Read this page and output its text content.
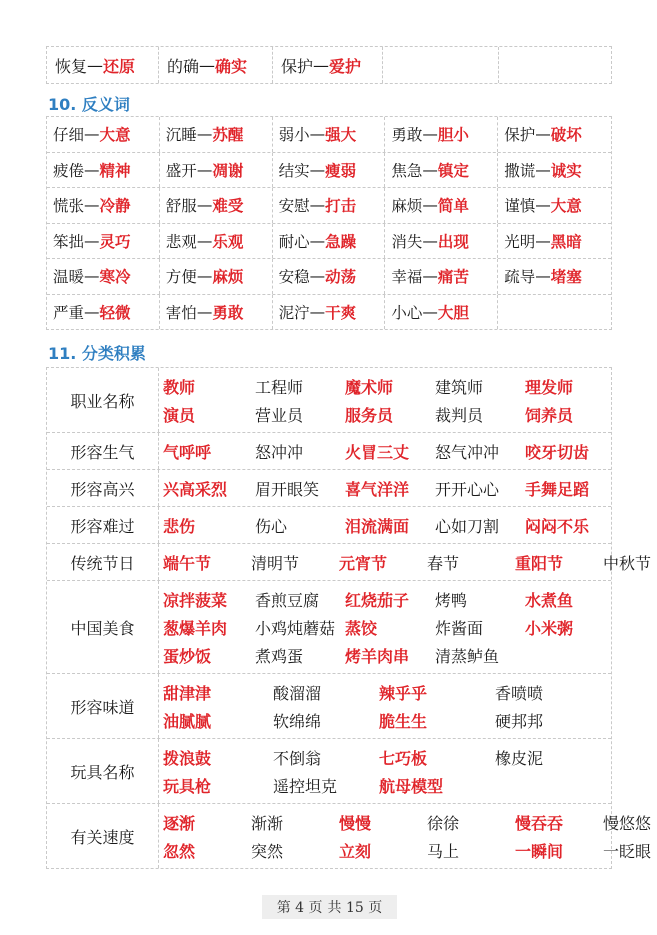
恢复 — 还原 的确 — 确实 保护 — 爱护
10. 反义词
仔细 — 大意 沉睡 — 苏醒 弱小 — 强大 勇敢 — 胆小 保护 — 破坏
疲倦 — 精神 盛开 — 凋谢 结实 — 瘦弱 焦急 — 镇定 撒谎 — 诚实
慌张 — 冷静 舒服 — 难受 安慰 — 打击 麻烦 — 简单 谨慎 — 大意
笨拙 — 灵巧 悲观 — 乐观 耐心 — 急躁 消失 — 出现 光明 — 黑暗
温暖 — 寒冷 方便 — 麻烦 安稳 — 动荡 幸福 — 痛苦 疏导 — 堵塞
严重 — 轻微 害怕 — 勇敢 泥泞 — 干爽 小心 — 大胆
11. 分类积累
职业名称
教师	工程师	魔术师	建筑师	理发师
演员	营业员	服务员	裁判员	饲养员
形容生气	气呼呼	怒冲冲	火冒三丈 怒气冲冲 咬牙切齿
形容高兴	兴高采烈 眉开眼笑 喜气洋洋 开开心心 手舞足蹈
形容难过	悲伤	伤心	泪流满面 心如刀割 闷闷不乐
传统节日	端午节 清明节 元宵节 春节	重阳节 中秋节
中国美食
凉拌菠菜 香煎豆腐 红烧茄子 烤鸭	水煮鱼
葱爆羊肉 小鸡炖蘑菇 蒸饺	炸酱面	小米粥
蛋炒饭	煮鸡蛋	烤羊肉串 清蒸鲈鱼
形容味道
甜津津	酸溜溜	辣乎乎	香喷喷
油腻腻	软绵绵	脆生生	硬邦邦
玩具名称
拨浪鼓	不倒翁	七巧板	橡皮泥
玩具枪	遥控坦克	航母模型
有关速度
逐渐	渐渐	慢慢	徐徐	慢吞吞 慢悠悠
忽然	突然	立刻	马上	一瞬间 一眨眼
第 4 页 共 15 页
